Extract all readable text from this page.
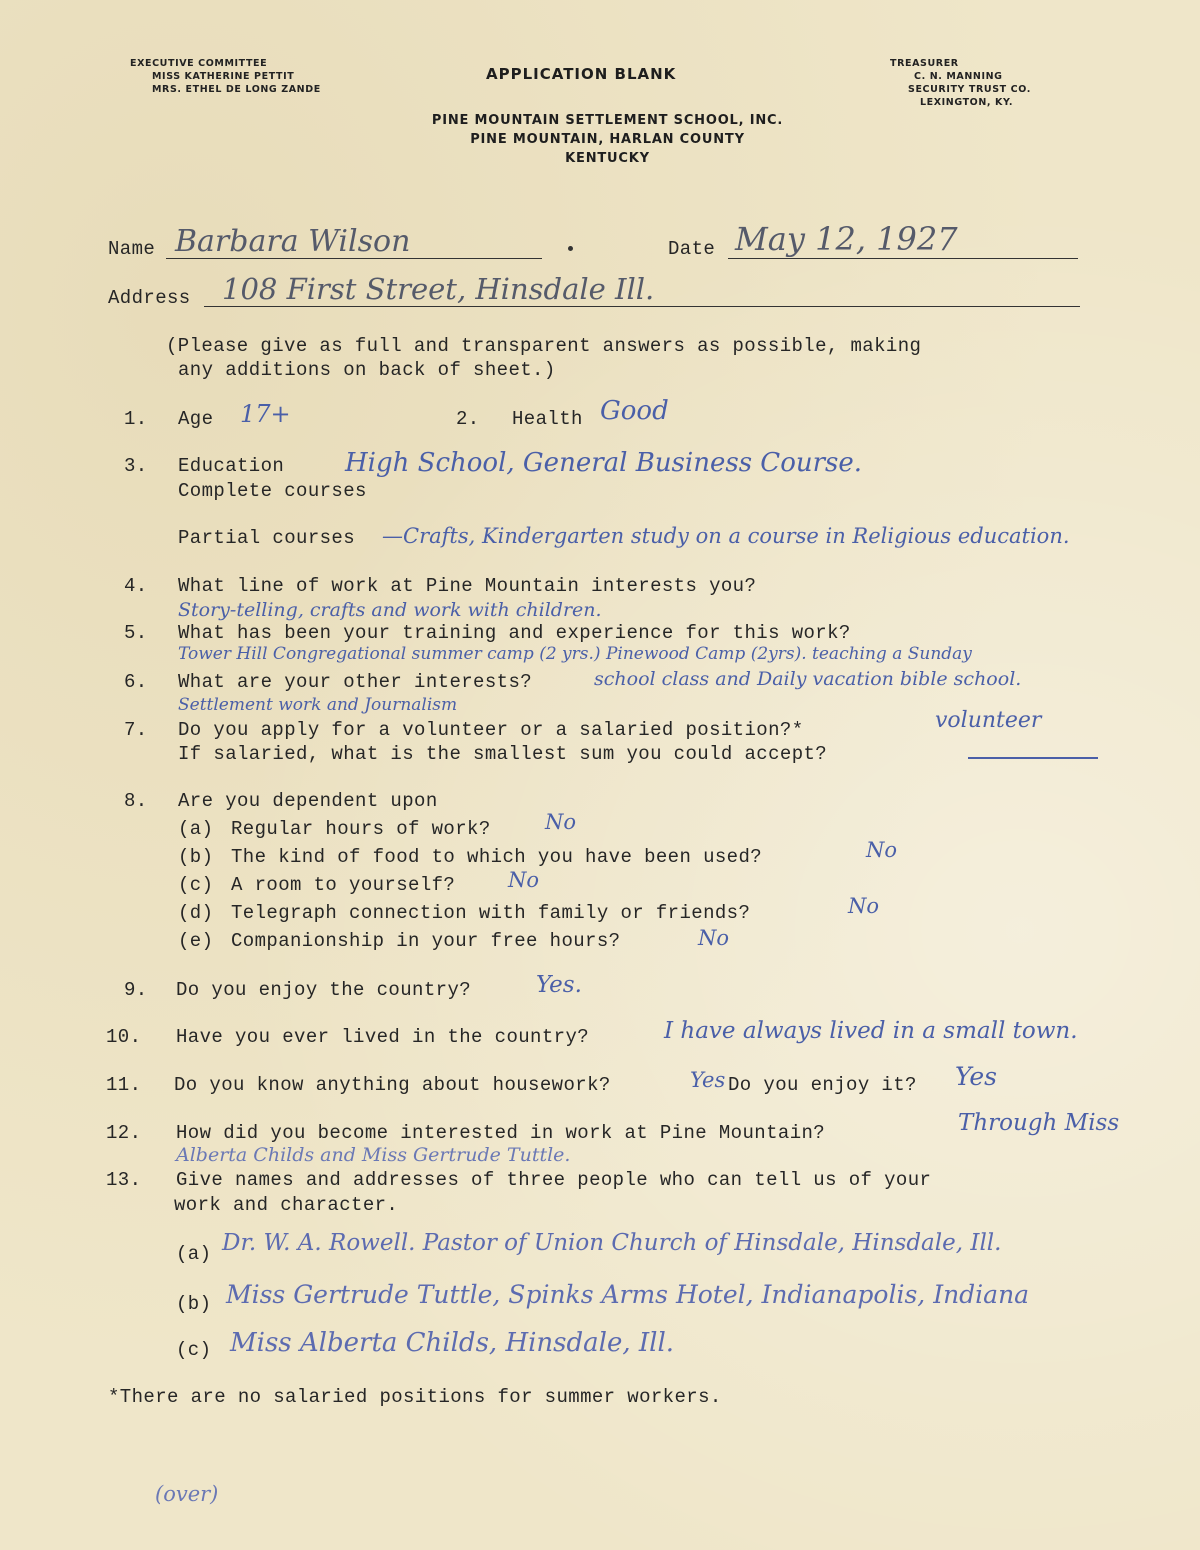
EXECUTIVE COMMITTEE
MISS KATHERINE PETTIT
MRS. ETHEL DE LONG ZANDE
APPLICATION BLANK
TREASURER
C. N. MANNING
SECURITY TRUST CO.
LEXINGTON, KY.
PINE MOUNTAIN SETTLEMENT SCHOOL, INC.
PINE MOUNTAIN, HARLAN COUNTY
KENTUCKY
Name Barbara Wilson	Date May 12, 1927
Address 108 First Street, Hinsdale Ill.
(Please give as full and transparent answers as possible, making
any additions on back of sheet.)
1. Age 17+	2. Health Good
3. Education
Complete courses
High School, General Business Course.
Partial courses —Crafts, Kindergarten study on a course in Religious education.
4. What line of work at Pine Mountain interests you?
Story-telling, crafts and work with children.
5. What has been your training and experience for this work?
Tower Hill Congregational summer camp (2 yrs.) Pinewood Camp (2yrs). teaching a Sunday
6. What are your other interests?	school class and Daily vacation bible school.
Settlement work and Journalism
7. Do you apply for a volunteer or a salaried position?*	volunteer
If salaried, what is the smallest sum you could accept?
8. Are you dependent upon
(a) Regular hours of work?	No
(b) The kind of food to which you have been used?	No
(c) A room to yourself?	No
(d) Telegraph connection with family or friends?	No
(e) Companionship in your free hours?	No
9. Do you enjoy the country?	Yes.
10. Have you ever lived in the country?	I have always lived in a small town.
11. Do you know anything about housework?	Yes Do you enjoy it? Yes
12. How did you become interested in work at Pine Mountain?	Through Miss
Alberta Childs and Miss Gertrude Tuttle.
13. Give names and addresses of three people who can tell us of your
work and character.
(a) Dr. W. A. Rowell. Pastor of Union Church of Hinsdale, Hinsdale, Ill.
(b) Miss Gertrude Tuttle, Spinks Arms Hotel, Indianapolis, Indiana
(c) Miss Alberta Childs, Hinsdale, Ill.
*There are no salaried positions for summer workers.
(over)
